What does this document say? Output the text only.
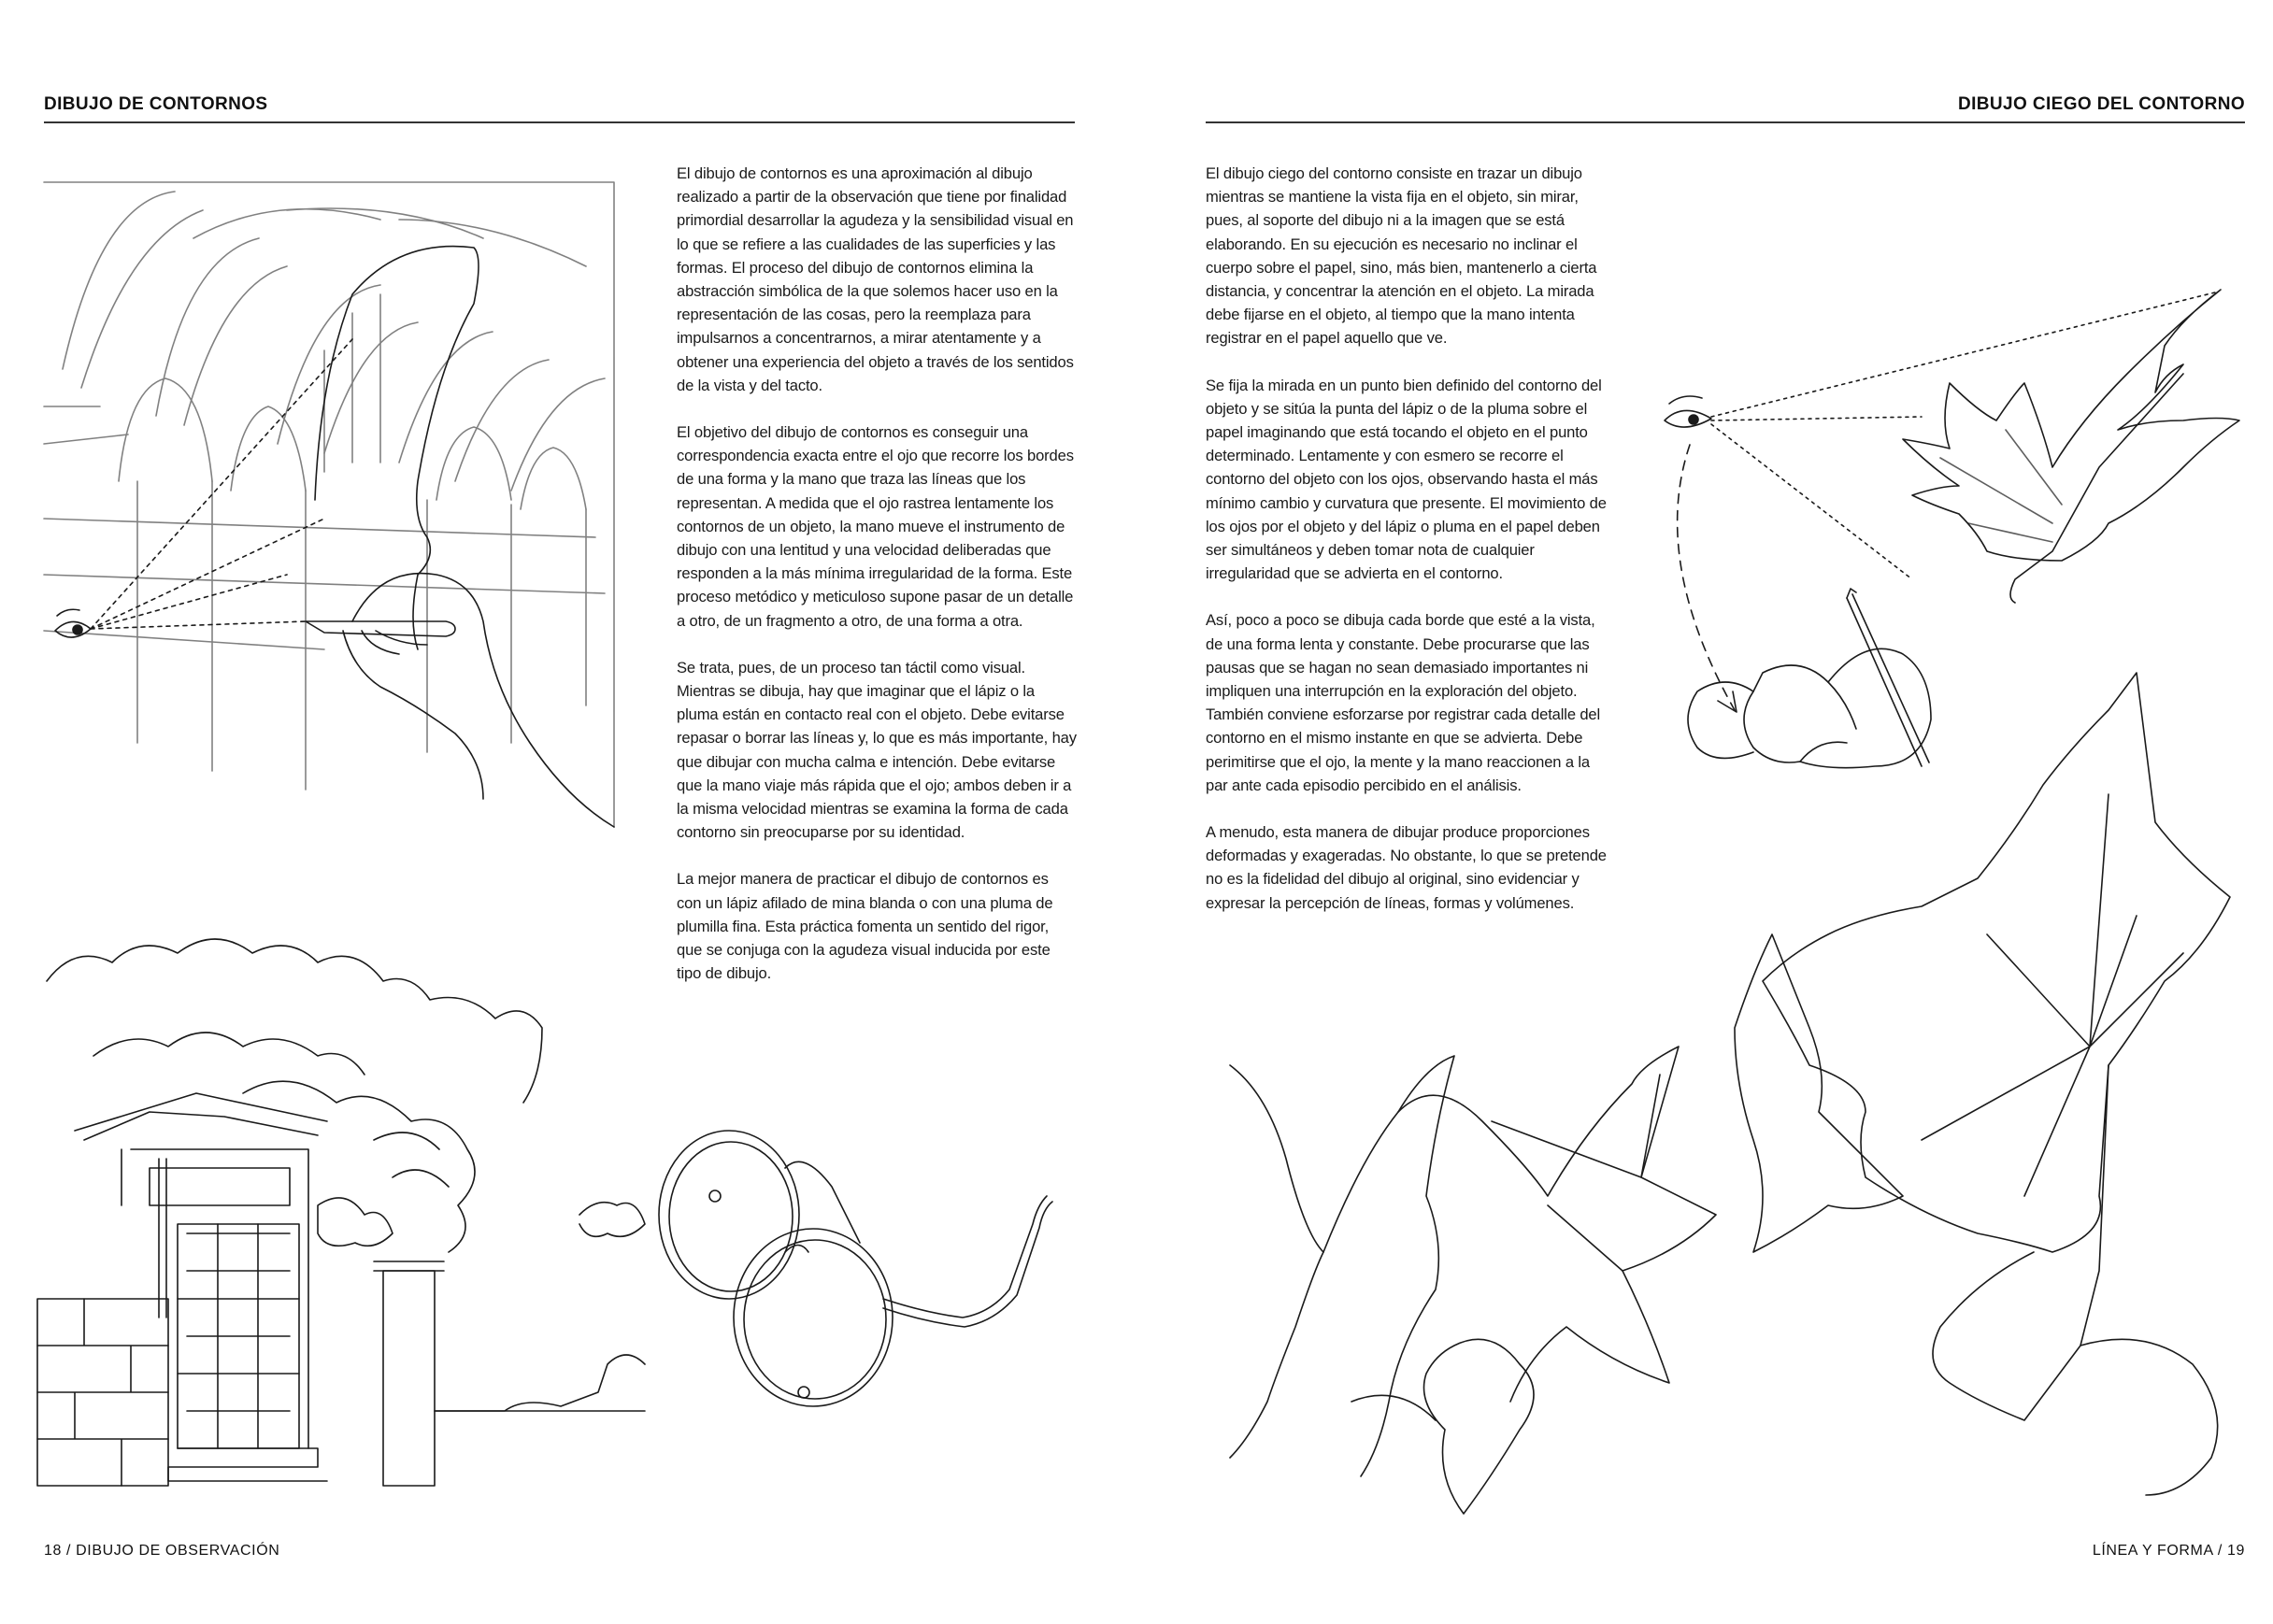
DIBUJO DE CONTORNOS

El dibujo de contornos es una aproximación al dibujo realizado a partir de la observación que tiene por finalidad primordial desarrollar la agudeza y la sensibilidad visual en lo que se refiere a las cualidades de las superficies y las formas. El proceso del dibujo de contornos elimina la abstracción simbólica de la que solemos hacer uso en la representación de las cosas, pero la reemplaza para impulsarnos a concentrarnos, a mirar atentamente y a obtener una experiencia del objeto a través de los sentidos de la vista y del tacto.

El objetivo del dibujo de contornos es conseguir una correspondencia exacta entre el ojo que recorre los bordes de una forma y la mano que traza las líneas que los representan. A medida que el ojo rastrea lentamente los contornos de un objeto, la mano mueve el instrumento de dibujo con una lentitud y una velocidad deliberadas que responden a la más mínima irregularidad de la forma. Este proceso metódico y meticuloso supone pasar de un detalle a otro, de un fragmento a otro, de una forma a otra.

Se trata, pues, de un proceso tan táctil como visual. Mientras se dibuja, hay que imaginar que el lápiz o la pluma están en contacto real con el objeto. Debe evitarse repasar o borrar las líneas y, lo que es más importante, hay que dibujar con mucha calma e intención. Debe evitarse que la mano viaje más rápida que el ojo; ambos deben ir a la misma velocidad mientras se examina la forma de cada contorno sin preocuparse por su identidad.

La mejor manera de practicar el dibujo de contornos es con un lápiz afilado de mina blanda o con una pluma de plumilla fina. Esta práctica fomenta un sentido del rigor, que se conjuga con la agudeza visual inducida por este tipo de dibujo.

18 / DIBUJO DE OBSERVACIÓN
DIBUJO CIEGO DEL CONTORNO

El dibujo ciego del contorno consiste en trazar un dibujo mientras se mantiene la vista fija en el objeto, sin mirar, pues, al soporte del dibujo ni a la imagen que se está elaborando. En su ejecución es necesario no inclinar el cuerpo sobre el papel, sino, más bien, mantenerlo a cierta distancia, y concentrar la atención en el objeto. La mirada debe fijarse en el objeto, al tiempo que la mano intenta registrar en el papel aquello que ve.

Se fija la mirada en un punto bien definido del contorno del objeto y se sitúa la punta del lápiz o de la pluma sobre el papel imaginando que está tocando el objeto en el punto determinado. Lentamente y con esmero se recorre el contorno del objeto con los ojos, observando hasta el más mínimo cambio y curvatura que presente. El movimiento de los ojos por el objeto y del lápiz o pluma en el papel deben ser simultáneos y deben tomar nota de cualquier irregularidad que se advierta en el contorno.

Así, poco a poco se dibuja cada borde que esté a la vista, de una forma lenta y constante. Debe procurarse que las pausas que se hagan no sean demasiado importantes ni impliquen una interrupción en la exploración del objeto. También conviene esforzarse por registrar cada detalle del contorno en el mismo instante en que se advierta. Debe perimitirse que el ojo, la mente y la mano reaccionen a la par ante cada episodio percibido en el análisis.

A menudo, esta manera de dibujar produce proporciones deformadas y exageradas. No obstante, lo que se pretende no es la fidelidad del dibujo al original, sino evidenciar y expresar la percepción de líneas, formas y volúmenes.

LÍNEA Y FORMA / 19
